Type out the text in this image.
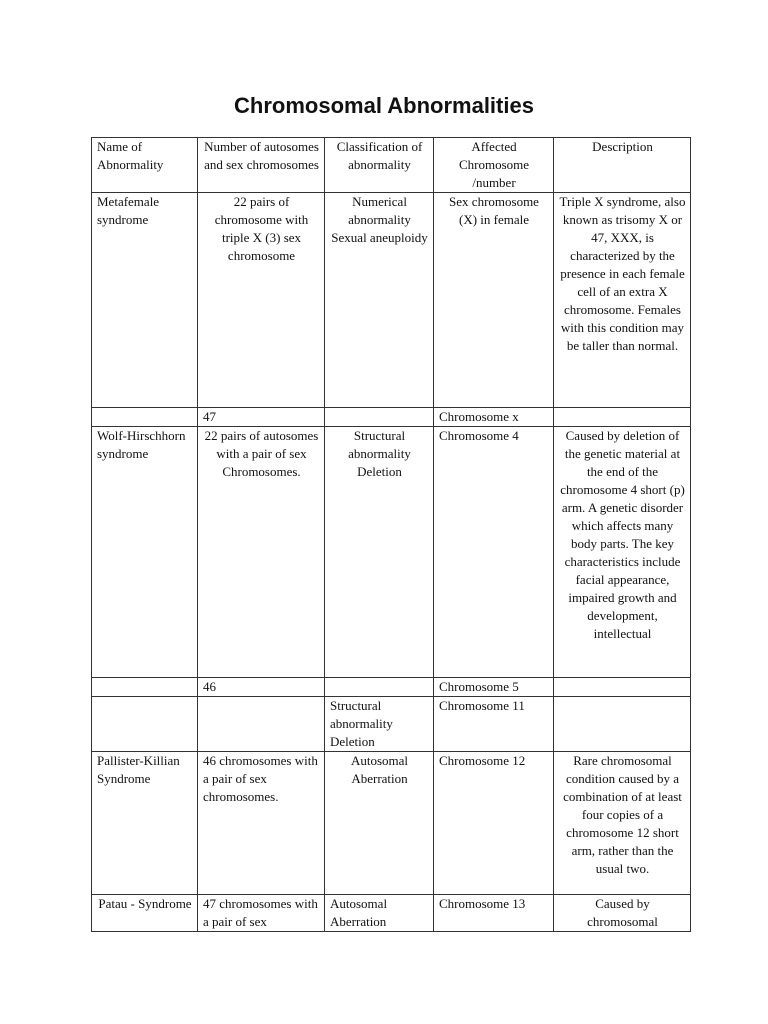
Chromosomal Abnormalities
Name of Abnormality	Number of autosomes and sex chromosomes	Classification of abnormality	Affected Chromosome /number	Description
Metafemale syndrome	22 pairs of chromosome with triple X (3) sex chromosome	Numerical abnormality Sexual aneuploidy	Sex chromosome (X) in female	Triple X syndrome, also known as trisomy X or 47, XXX, is characterized by the presence in each female cell of an extra X chromosome. Females with this condition may be taller than normal.
	47		Chromosome x	
Wolf-Hirschhorn syndrome	22 pairs of autosomes with a pair of sex Chromosomes.	Structural abnormality Deletion	Chromosome 4	Caused by deletion of the genetic material at the end of the chromosome 4 short (p) arm. A genetic disorder which affects many body parts. The key characteristics include facial appearance, impaired growth and development, intellectual
	46		Chromosome 5	
		Structural abnormality Deletion	Chromosome 11	
Pallister-Killian Syndrome	46 chromosomes with a pair of sex chromosomes.	Autosomal Aberration	Chromosome 12	Rare chromosomal condition caused by a combination of at least four copies of a chromosome 12 short arm, rather than the usual two.
Patau - Syndrome	47 chromosomes with a pair of sex	Autosomal Aberration	Chromosome 13	Caused by chromosomal
